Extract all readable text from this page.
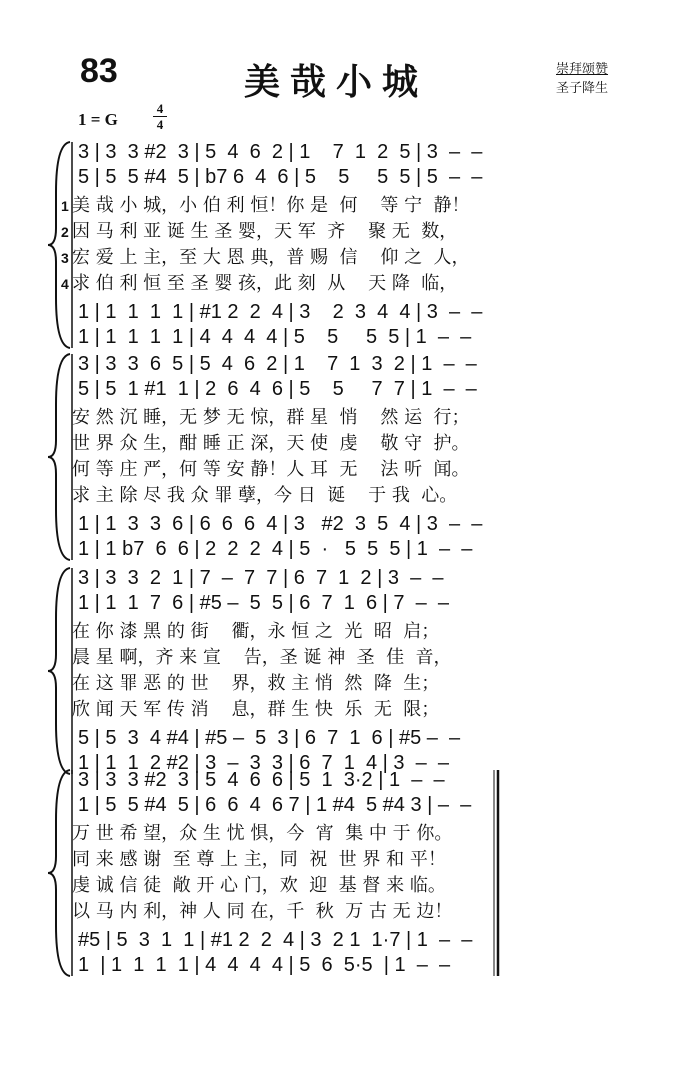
83	美哉小城	崇拜颂赞
圣子降生
1 = G
4
4
3 | 3  3 #2  3 | 5  4  6  2 | 1    7  1  2  5 | 3  –  –
5 | 5  5 #4  5 | b7 6  4  6 | 5    5     5  5 | 5  –  –
1 美 哉 小 城，小 伯 利 恒！你 是  何    等 宁  静！
2 因 马 利 亚 诞 生 圣 婴，天 军  齐    聚 无  数，
3 宏 爱 上 主，至 大 恩 典，普 赐  信    仰 之  人，
4 求 伯 利 恒 至 圣 婴 孩，此 刻  从    天 降  临，
1 | 1  1  1  1 | #1 2  2  4 | 3    2  3  4  4 | 3  –  –
1 | 1  1  1  1 | 4  4  4  4 | 5    5     5  5 | 1  –  –
3 | 3  3  6  5 | 5  4  6  2 | 1    7  1  3  2 | 1  –  –
5 | 5  1 #1  1 | 2  6  4  6 | 5    5     7  7 | 1  –  –
安 然 沉 睡，无 梦 无 惊，群 星  悄    然 运  行；
世 界 众 生，酣 睡 正 深，天 使  虔    敬 守  护。
何 等 庄 严，何 等 安 静！人 耳  无    法 听  闻。
求 主 除 尽 我 众 罪 孽，今 日  诞    于 我  心。
1 | 1  3  3  6 | 6  6  6  4 | 3   #2  3  5  4 | 3  –  –
1 | 1 b7  6  6 | 2  2  2  4 | 5  ·   5  5  5 | 1  –  –
3 | 3  3  2  1 | 7  –  7  7 | 6  7  1  2 | 3  –  –
1 | 1  1  7  6 | #5 –  5  5 | 6  7  1  6 | 7  –  –
在 你 漆 黑 的 街    衢，永 恒 之  光  昭  启；
晨 星 啊，齐 来 宣    告，圣 诞 神  圣  佳  音，
在 这 罪 恶 的 世    界，救 主 悄  然  降  生；
欣 闻 天 军 传 消    息，群 生 快  乐  无  限；
5 | 5  3  4 #4 | #5 –  5  3 | 6  7  1  6 | #5 –  –
1 | 1  1  2 #2 | 3  –  3  3 | 6  7  1  4 | 3  –  –
3 | 3  3 #2  3 | 5  4  6  6 | 5  1  3·2 | 1  –  –
1 | 5  5 #4  5 | 6  6  4  6 7 | 1 #4  5 #4 3 | –  –
万 世 希 望，众 生 忧 惧，今  宵  集 中 于 你。
同 来 感 谢  至 尊 上 主，同  祝  世 界 和 平！
虔 诚 信 徒  敞 开 心 门，欢  迎  基 督 来 临。
以 马 内 利，神 人 同 在，千  秋  万 古 无 边！
#5 | 5  3  1  1 | #1 2  2  4 | 3  2 1  1·7 | 1  –  –
1  | 1  1  1  1 | 4  4  4  4 | 5  6  5·5  | 1  –  –
